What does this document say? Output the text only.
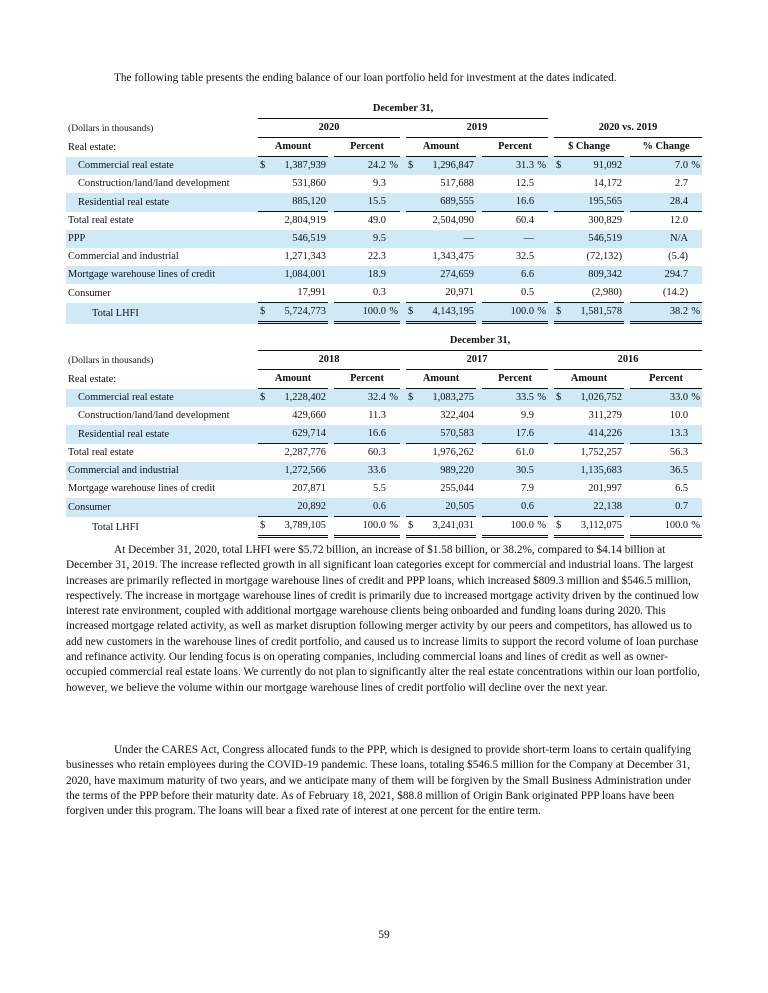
The following table presents the ending balance of our loan portfolio held for investment at the dates indicated.
		December 31,										
(Dollars in thousands)		2020				2019				2020 vs. 2019		
Real estate:		Amount		Percent		Amount		Percent		$ Change		% Change
Commercial real estate		$ 1,387,939		24.2 %		$ 1,296,847		31.3 %		$ 91,092		7.0 %

Construction/land/land development		531,860		9.3		517,688		12.5		14,172		2.7

Residential real estate		885,120		15.5		689,555		16.6		195,565		28.4

Total real estate		2,804,919		49.0		2,504,090		60.4		300,829		12.0

PPP		546,519		9.5		—		—		546,519		N/A

Commercial and industrial		1,271,343		22.3		1,343,475		32.5		(72,132)		(5.4)

Mortgage warehouse lines of credit		1,084,001		18.9		274,659		6.6		809,342		294.7

Consumer		17,991		0.3		20,971		0.5		(2,980)		(14.2)

Total LHFI		$ 5,724,773		100.0 %		$ 4,143,195		100.0 %		$ 1,581,578		38.2 %
		December 31,										
(Dollars in thousands)		2018				2017				2016		
Real estate:		Amount		Percent		Amount		Percent		Amount		Percent
Commercial real estate		$ 1,228,402		32.4 %		$ 1,083,275		33.5 %		$ 1,026,752		33.0 %

Construction/land/land development		429,660		11.3		322,404		9.9		311,279		10.0

Residential real estate		629,714		16.6		570,583		17.6		414,226		13.3

Total real estate		2,287,776		60.3		1,976,262		61.0		1,752,257		56.3

Commercial and industrial		1,272,566		33.6		989,220		30.5		1,135,683		36.5

Mortgage warehouse lines of credit		207,871		5.5		255,044		7.9		201,997		6.5

Consumer		20,892		0.6		20,505		0.6		22,138		0.7

Total LHFI		$ 3,789,105		100.0 %		$ 3,241,031		100.0 %		$ 3,112,075		100.0 %
At December 31, 2020, total LHFI were $5.72 billion, an increase of $1.58 billion, or 38.2%, compared to $4.14 billion at December 31, 2019. The increase reflected growth in all significant loan categories except for commercial and industrial loans. The largest increases are primarily reflected in mortgage warehouse lines of credit and PPP loans, which increased $809.3 million and $546.5 million, respectively. The increase in mortgage warehouse lines of credit is primarily due to increased mortgage activity driven by the continued low interest rate environment, coupled with additional mortgage warehouse clients being onboarded and funding loans during 2020. This increased mortgage related activity, as well as market disruption following merger activity by our peers and competitors, has allowed us to add new customers in the warehouse lines of credit portfolio, and caused us to increase limits to support the record volume of loan purchase and refinance activity. Our lending focus is on operating companies, including commercial loans and lines of credit as well as owner-occupied commercial real estate loans. We currently do not plan to significantly alter the real estate concentrations within our loan portfolio, however, we believe the volume within our mortgage warehouse lines of credit portfolio will decline over the next year.
Under the CARES Act, Congress allocated funds to the PPP, which is designed to provide short-term loans to certain qualifying businesses who retain employees during the COVID-19 pandemic. These loans, totaling $546.5 million for the Company at December 31, 2020, have maximum maturity of two years, and we anticipate many of them will be forgiven by the Small Business Administration under the terms of the PPP before their maturity date. As of February 18, 2021, $88.8 million of Origin Bank originated PPP loans have been forgiven under this program. The loans will bear a fixed rate of interest at one percent for the entire term.
59
